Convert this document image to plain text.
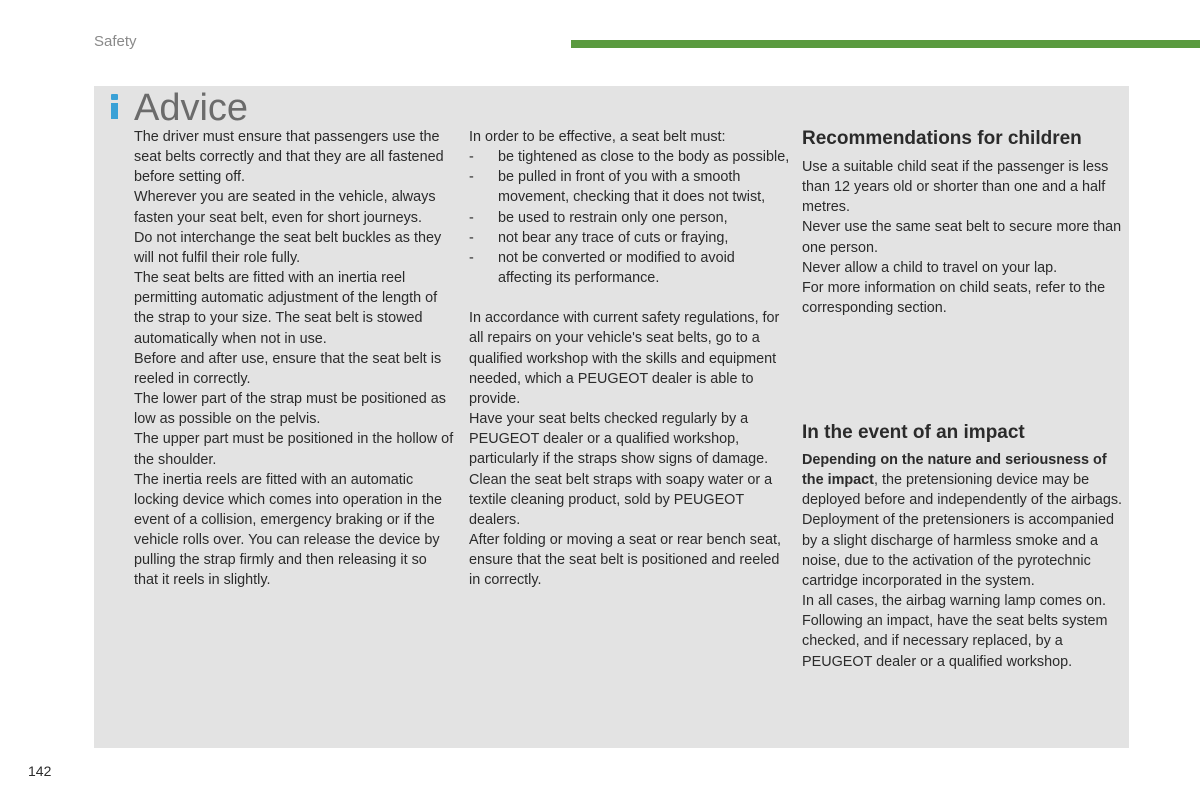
Safety
Advice

The driver must ensure that passengers use the seat belts correctly and that they are all fastened before setting off.

Wherever you are seated in the vehicle, always fasten your seat belt, even for short journeys.

Do not interchange the seat belt buckles as they will not fulfil their role fully.

The seat belts are fitted with an inertia reel permitting automatic adjustment of the length of the strap to your size. The seat belt is stowed automatically when not in use.

Before and after use, ensure that the seat belt is reeled in correctly.

The lower part of the strap must be positioned as low as possible on the pelvis.

The upper part must be positioned in the hollow of the shoulder.

The inertia reels are fitted with an automatic locking device which comes into operation in the event of a collision, emergency braking or if the vehicle rolls over. You can release the device by pulling the strap firmly and then releasing it so that it reels in slightly.

In order to be effective, a seat belt must:

- be tightened as close to the body as possible,
- be pulled in front of you with a smooth movement, checking that it does not twist,
- be used to restrain only one person,
- not bear any trace of cuts or fraying,
- not be converted or modified to avoid affecting its performance.

In accordance with current safety regulations, for all repairs on your vehicle's seat belts, go to a qualified workshop with the skills and equipment needed, which a PEUGEOT dealer is able to provide.

Have your seat belts checked regularly by a PEUGEOT dealer or a qualified workshop, particularly if the straps show signs of damage.

Clean the seat belt straps with soapy water or a textile cleaning product, sold by PEUGEOT dealers.

After folding or moving a seat or rear bench seat, ensure that the seat belt is positioned and reeled in correctly.

Recommendations for children

Use a suitable child seat if the passenger is less than 12 years old or shorter than one and a half metres.

Never use the same seat belt to secure more than one person.

Never allow a child to travel on your lap.

For more information on child seats, refer to the corresponding section.

In the event of an impact

Depending on the nature and seriousness of the impact, the pretensioning device may be deployed before and independently of the airbags. Deployment of the pretensioners is accompanied by a slight discharge of harmless smoke and a noise, due to the activation of the pyrotechnic cartridge incorporated in the system.

In all cases, the airbag warning lamp comes on.

Following an impact, have the seat belts system checked, and if necessary replaced, by a PEUGEOT dealer or a qualified workshop.

142
